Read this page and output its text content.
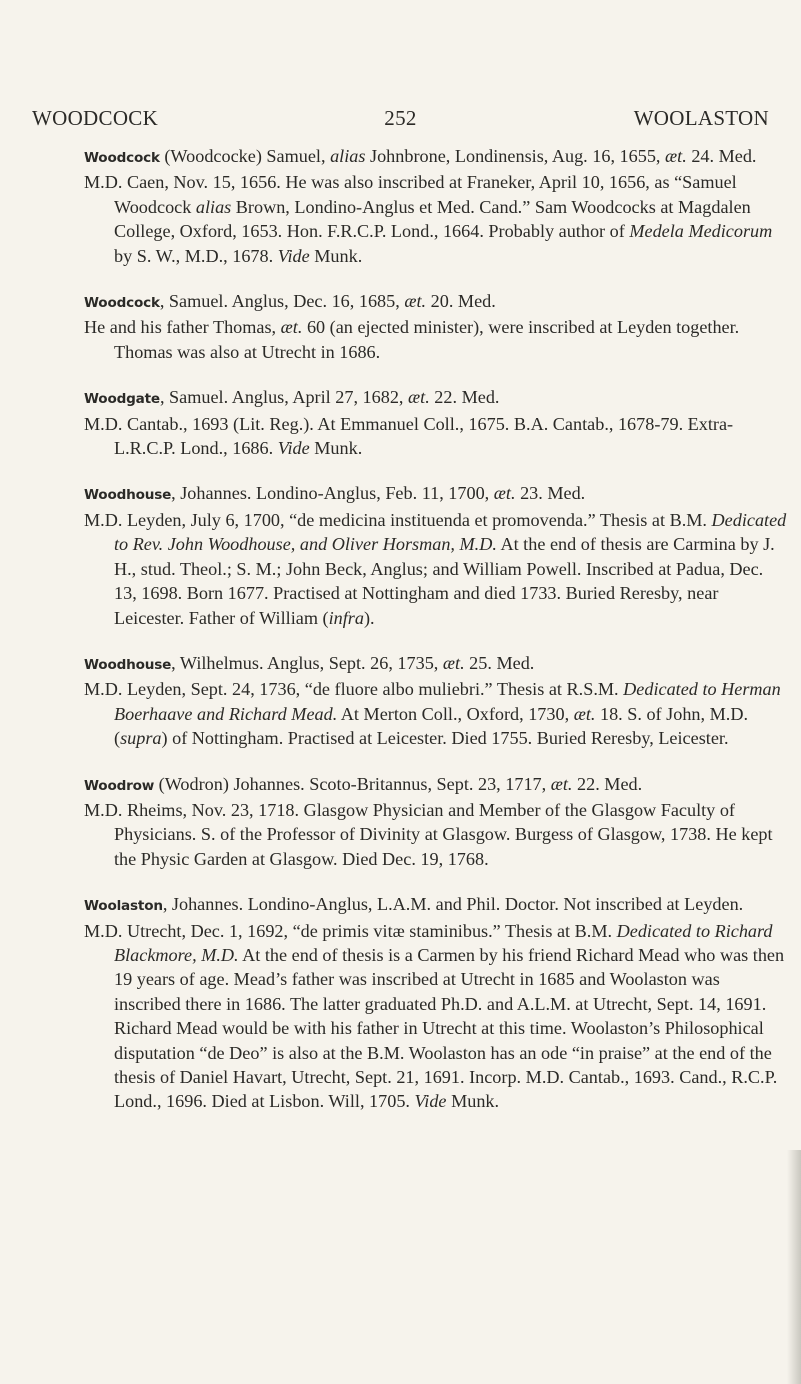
WOODCOCK	252	WOOLASTON

Woodcock (Woodcocke) Samuel, alias Johnbrone, Londinensis, Aug. 16, 1655, æt. 24. Med.

M.D. Caen, Nov. 15, 1656. He was also inscribed at Franeker, April 10, 1656, as “Samuel Woodcock alias Brown, Londino-Anglus et Med. Cand.” Sam Woodcocks at Magdalen College, Oxford, 1653. Hon. F.R.C.P. Lond., 1664. Probably author of Medela Medicorum by S. W., M.D., 1678. Vide Munk.

Woodcock, Samuel. Anglus, Dec. 16, 1685, æt. 20. Med.

He and his father Thomas, æt. 60 (an ejected minister), were inscribed at Leyden together. Thomas was also at Utrecht in 1686.

Woodgate, Samuel. Anglus, April 27, 1682, æt. 22. Med.

M.D. Cantab., 1693 (Lit. Reg.). At Emmanuel Coll., 1675. B.A. Cantab., 1678-79. Extra-L.R.C.P. Lond., 1686. Vide Munk.

Woodhouse, Johannes. Londino-Anglus, Feb. 11, 1700, æt. 23. Med.

M.D. Leyden, July 6, 1700, “de medicina instituenda et promovenda.” Thesis at B.M. Dedicated to Rev. John Woodhouse, and Oliver Horsman, M.D. At the end of thesis are Carmina by J. H., stud. Theol.; S. M.; John Beck, Anglus; and William Powell. Inscribed at Padua, Dec. 13, 1698. Born 1677. Practised at Nottingham and died 1733. Buried Reresby, near Leicester. Father of William (infra).

Woodhouse, Wilhelmus. Anglus, Sept. 26, 1735, æt. 25. Med.

M.D. Leyden, Sept. 24, 1736, “de fluore albo muliebri.” Thesis at R.S.M. Dedicated to Herman Boerhaave and Richard Mead. At Merton Coll., Oxford, 1730, æt. 18. S. of John, M.D. (supra) of Nottingham. Practised at Leicester. Died 1755. Buried Reresby, Leicester.

Woodrow (Wodron) Johannes. Scoto-Britannus, Sept. 23, 1717, æt. 22. Med.

M.D. Rheims, Nov. 23, 1718. Glasgow Physician and Member of the Glasgow Faculty of Physicians. S. of the Professor of Divinity at Glasgow. Burgess of Glasgow, 1738. He kept the Physic Garden at Glasgow. Died Dec. 19, 1768.

Woolaston, Johannes. Londino-Anglus, L.A.M. and Phil. Doctor. Not inscribed at Leyden.

M.D. Utrecht, Dec. 1, 1692, “de primis vitæ staminibus.” Thesis at B.M. Dedicated to Richard Blackmore, M.D. At the end of thesis is a Carmen by his friend Richard Mead who was then 19 years of age. Mead’s father was inscribed at Utrecht in 1685 and Woolaston was inscribed there in 1686. The latter graduated Ph.D. and A.L.M. at Utrecht, Sept. 14, 1691. Richard Mead would be with his father in Utrecht at this time. Woolaston’s Philosophical disputation “de Deo” is also at the B.M. Woolaston has an ode “in praise” at the end of the thesis of Daniel Havart, Utrecht, Sept. 21, 1691. Incorp. M.D. Cantab., 1693. Cand., R.C.P. Lond., 1696. Died at Lisbon. Will, 1705. Vide Munk.
